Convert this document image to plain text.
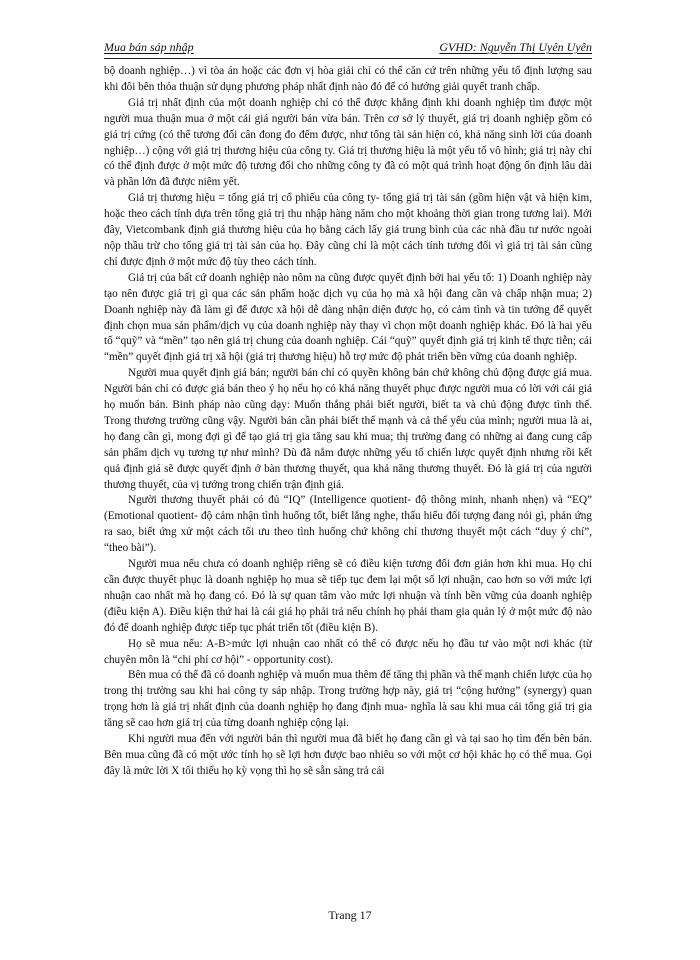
Mua bán sáp nhập	GVHD: Nguyễn Thị Uyên Uyên

bộ doanh nghiệp…) vì tòa án hoặc các đơn vị hòa giải chỉ có thể căn cứ trên những yếu tố định lượng sau khi đôi bên thỏa thuận sử dụng phương pháp nhất định nào đó để có hướng giải quyết tranh chấp.

Giá trị nhất định của một doanh nghiệp chỉ có thể được khẳng định khi doanh nghiệp tìm được một người mua thuận mua ở một cái giá người bán vừa bán. Trên cơ sở lý thuyết, giá trị doanh nghiệp gồm có giá trị cứng (có thể tương đối cân đong đo đếm được, như tổng tài sản hiện có, khả năng sinh lời của doanh nghiệp…) cộng với giá trị thương hiệu của công ty. Giá trị thương hiệu là một yếu tố vô hình; giá trị này chỉ có thể định được ở một mức độ tương đối cho những công ty đã có một quá trình hoạt động ổn định lâu dài và phần lớn đã được niêm yết.

Giá trị thương hiệu = tổng giá trị cổ phiếu của công ty- tổng giá trị tài sản (gồm hiện vật và hiện kim, hoặc theo cách tính dựa trên tổng giá trị thu nhập hàng năm cho một khoảng thời gian trong tương lai). Mới đây, Vietcombank định giá thương hiệu của họ bằng cách lấy giá trung bình của các nhà đầu tư nước ngoài nộp thầu trừ cho tổng giá trị tài sản của họ. Đây cũng chỉ là một cách tính tương đối vì giá trị tài sản cũng chỉ được định ở một mức độ tùy theo cách tính.

Giá trị của bất cứ doanh nghiệp nào nôm na cũng được quyết định bởi hai yếu tố: 1) Doanh nghiệp này tạo nên được giá trị gì qua các sản phẩm hoặc dịch vụ của họ mà xã hội đang cần và chấp nhận mua; 2) Doanh nghiệp này đã làm gì để được xã hội dễ dàng nhận diện được họ, có cảm tình và tin tưởng để quyết định chọn mua sản phẩm/dịch vụ của doanh nghiệp này thay vì chọn một doanh nghiệp khác. Đó là hai yếu tố “quỹ” và “mền” tạo nên giá trị chung của doanh nghiệp. Cái “quỹ” quyết định giá trị kinh tế thực tiễn; cái “mền” quyết định giá trị xã hội (giá trị thương hiệu) hỗ trợ mức độ phát triển bền vững của doanh nghiệp.

Người mua quyết định giá bán; người bán chỉ có quyền không bán chứ không chủ động được giá mua. Người bán chỉ có được giá bán theo ý họ nếu họ có khả năng thuyết phục được người mua có lời với cái giá họ muốn bán. Binh pháp nào cũng dạy: Muốn thắng phải biết người, biết ta và chủ động được tình thế. Trong thương trường cũng vậy. Người bán cần phải biết thế mạnh và cả thế yếu của mình; người mua là ai, họ đang cần gì, mong đợi gì để tạo giá trị gia tăng sau khi mua; thị trường đang có những ai đang cung cấp sản phẩm dịch vụ tương tự như mình? Dù đã nắm được những yếu tố chiến lược quyết định nhưng rồi kết quả định giá sẽ được quyết định ở bàn thương thuyết, qua khả năng thương thuyết. Đó là giá trị của người thương thuyết, của vị tướng trong chiến trận định giá.

Người thương thuyết phải có đủ “IQ” (Intelligence quotient- độ thông minh, nhanh nhẹn) và “EQ” (Emotional quotient- độ cảm nhận tình huống tốt, biết lắng nghe, thấu hiểu đối tượng đang nói gì, phản ứng ra sao, biết ứng xử một cách tối ưu theo tình huống chứ không chỉ thương thuyết một cách “duy ý chí”, “theo bài”).

Người mua nếu chưa có doanh nghiệp riêng sẽ có điều kiện tương đối đơn giản hơn khi mua. Họ chỉ cần được thuyết phục là doanh nghiệp họ mua sẽ tiếp tục đem lại một số lợi nhuận, cao hơn so với mức lợi nhuận cao nhất mà họ đang có. Đó là sự quan tâm vào mức lợi nhuận và tính bền vững của doanh nghiệp (điều kiện A). Điều kiện thứ hai là cái giá họ phải trả nếu chính họ phải tham gia quản lý ở một mức độ nào đó để doanh nghiệp được tiếp tục phát triển tốt (điều kiện B).

Họ sẽ mua nếu: A-B>mức lợi nhuận cao nhất có thể có được nếu họ đầu tư vào một nơi khác (từ chuyên môn là “chi phí cơ hội” - opportunity cost).

Bên mua có thể đã có doanh nghiệp và muốn mua thêm để tăng thị phần và thế mạnh chiến lược của họ trong thị trường sau khi hai công ty sáp nhập. Trong trường hợp này, giá trị “cộng hưởng” (synergy) quan trọng hơn là giá trị nhất định của doanh nghiệp họ đang định mua- nghĩa là sau khi mua cái tổng giá trị gia tăng sẽ cao hơn giá trị của từng doanh nghiệp cộng lại.

Khi người mua đến với người bán thì người mua đã biết họ đang cần gì và tại sao họ tìm đến bên bán. Bên mua cũng đã có một ước tính họ sẽ lợi hơn được bao nhiêu so với một cơ hội khác họ có thể mua. Gọi đây là mức lời X tối thiểu họ kỳ vọng thì họ sẽ sẵn sàng trả cái

Trang 17
